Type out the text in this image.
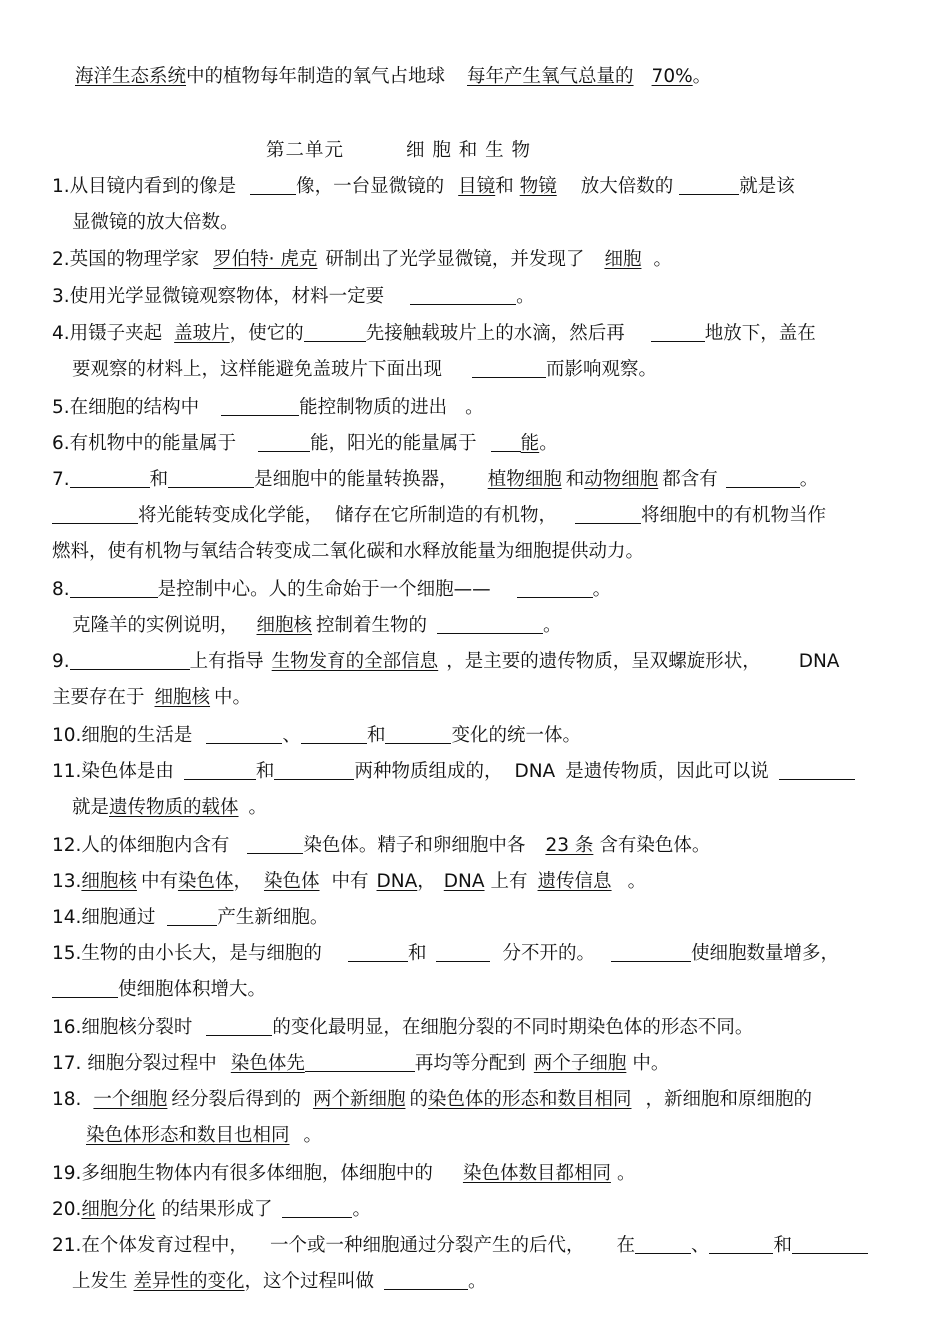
海洋生态系统中的植物每年制造的氧气占地球 每年产生氧气总量的 70%。
第二单元	细 胞 和 生 物
1.从目镜内看到的像是	像，一台显微镜的 目镜和 物镜 放大倍数的	就是该
显微镜的放大倍数。
2.英国的物理学家 罗伯特· 虎克 研制出了光学显微镜，并发现了 细胞 。
3.使用光学显微镜观察物体，材料一定要	。
4.用镊子夹起 盖玻片，使它的	先接触载玻片上的水滴，然后再	地放下，盖在
要观察的材料上，这样能避免盖玻片下面出现	而影响观察。
5.在细胞的结构中	能控制物质的进出 。
6.有机物中的能量属于	能，阳光的能量属于 能。
7.	和	是细胞中的能量转换器， 植物细胞 和动物细胞 都含有	。
将光能转变成化学能， 储存在它所制造的有机物，	将细胞中的有机物当作
燃料，使有机物与氧结合转变成二氧化碳和水释放能量为细胞提供动力。
8.	是控制中心。人的生命始于一个细胞——	。
克隆羊的实例说明， 细胞核 控制着生物的	。
9.	上有指导 生物发育的全部信息 ，是主要的遗传物质，呈双螺旋形状， DNA
主要存在于 细胞核 中。
10.细胞的生活是	、	和	变化的统一体。
11.染色体是由	和	两种物质组成的， DNA 是遗传物质，因此可以说
就是遗传物质的载体 。
12.人的体细胞内含有	染色体。精子和卵细胞中各 23 条 含有染色体。
13.细胞核 中有染色体， 染色体 中有 DNA， DNA 上有 遗传信息 。
14.细胞通过	产生新细胞。
15.生物的由小长大，是与细胞的	和	分不开的。	使细胞数量增多，
使细胞体积增大。
16.细胞核分裂时	的变化最明显，在细胞分裂的不同时期染色体的形态不同。
17. 细胞分裂过程中 染色体先	再均等分配到 两个子细胞 中。
18. 一个细胞 经分裂后得到的 两个新细胞 的染色体的形态和数目相同 ，新细胞和原细胞的
染色体形态和数目也相同 。
19.多细胞生物体内有很多体细胞，体细胞中的 染色体数目都相同 。
20.细胞分化 的结果形成了	。
21.在个体发育过程中， 一个或一种细胞通过分裂产生的后代， 在	、	和
上发生 差异性的变化，这个过程叫做	。
